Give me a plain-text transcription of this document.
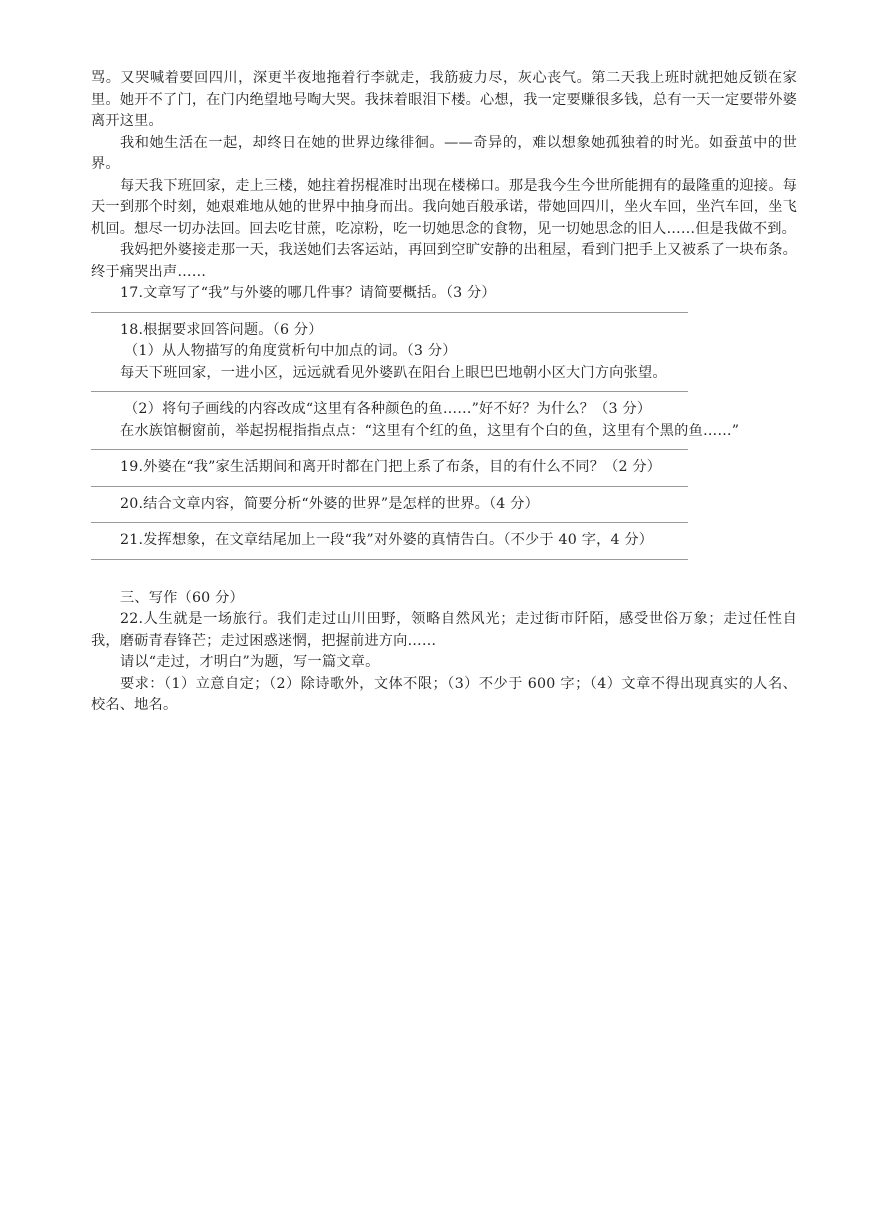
骂。又哭喊着要回四川，深更半夜地拖着行李就走，我筋疲力尽，灰心丧气。第二天我上班时就把她反锁在家里。她开不了门，在门内绝望地号啕大哭。我抹着眼泪下楼。心想，我一定要赚很多钱，总有一天一定要带外婆离开这里。

我和她生活在一起，却终日在她的世界边缘徘徊。——奇异的，难以想象她孤独着的时光。如蚕茧中的世界。

每天我下班回家，走上三楼，她拄着拐棍准时出现在楼梯口。那是我今生今世所能拥有的最隆重的迎接。每天一到那个时刻，她艰难地从她的世界中抽身而出。我向她百般承诺，带她回四川，坐火车回，坐汽车回，坐飞机回。想尽一切办法回。回去吃甘蔗，吃凉粉，吃一切她思念的食物，见一切她思念的旧人……但是我做不到。

我妈把外婆接走那一天，我送她们去客运站，再回到空旷安静的出租屋，看到门把手上又被系了一块布条。终于痛哭出声……

17.文章写了“我”与外婆的哪几件事？请简要概括。（3 分）

18.根据要求回答问题。（6 分）

（1）从人物描写的角度赏析句中加点的词。（3 分）

每天下班回家，一进小区，远远就看见外婆趴在阳台上眼巴巴地朝小区大门方向张望。

（2）将句子画线的内容改成“这里有各种颜色的鱼……”好不好？为什么？（3 分）

在水族馆橱窗前，举起拐棍指指点点：“这里有个红的鱼，这里有个白的鱼，这里有个黑的鱼……”

19.外婆在“我”家生活期间和离开时都在门把上系了布条，目的有什么不同？（2 分）

20.结合文章内容，简要分析“外婆的世界”是怎样的世界。（4 分）

21.发挥想象，在文章结尾加上一段“我”对外婆的真情告白。（不少于 40 字，4 分）

三、写作（60 分）

22.人生就是一场旅行。我们走过山川田野，领略自然风光；走过街市阡陌，感受世俗万象；走过任性自我，磨砺青春锋芒；走过困惑迷惘，把握前进方向……

请以“走过，才明白”为题，写一篇文章。

要求：（1）立意自定；（2）除诗歌外，文体不限；（3）不少于 600 字；（4）文章不得出现真实的人名、校名、地名。
